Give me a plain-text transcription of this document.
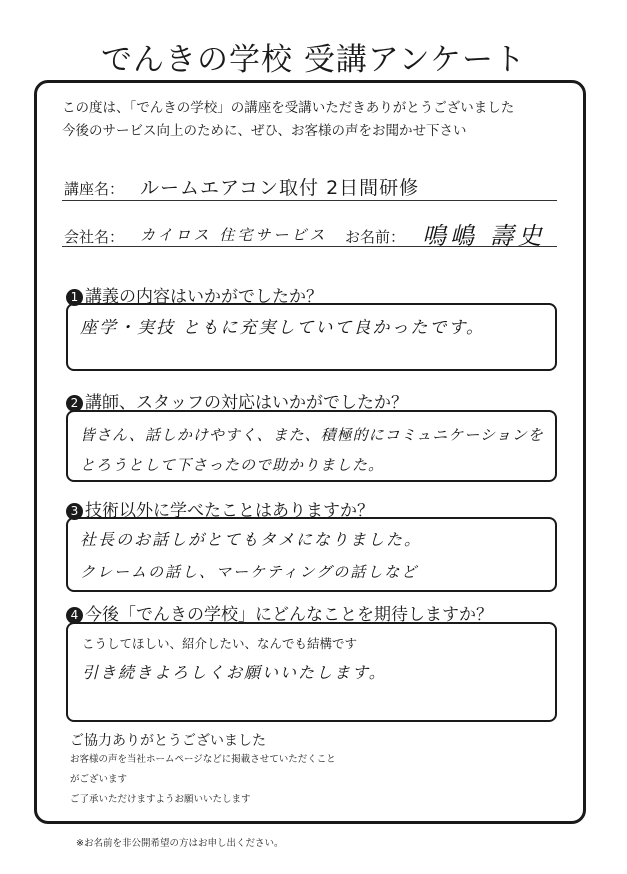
でんきの学校 受講アンケート
この度は、「でんきの学校」の講座を受講いただきありがとうございました
今後のサービス向上のために、ぜひ、お客様の声をお聞かせ下さい
講座名： ルームエアコン取付 2日間研修
会社名： カイロス 住宅サービス お名前： 鳴嶋 壽史
1 講義の内容はいかがでしたか？
座学・実技 ともに充実していて良かったです。
2 講師、スタッフの対応はいかがでしたか？
皆さん、話しかけやすく、また、積極的にコミュニケーションを
とろうとして下さったので助かりました。
3 技術以外に学べたことはありますか？
社長のお話しがとてもタメになりました。
クレームの話し、マーケティングの話しなど
4 今後「でんきの学校」にどんなことを期待しますか？
こうしてほしい、紹介したい、なんでも結構です
引き続きよろしくお願いいたします。
ご協力ありがとうございました
お客様の声を当社ホームページなどに掲載させていただくこと
がございます
ご了承いただけますようお願いいたします
※お名前を非公開希望の方はお申し出ください。
